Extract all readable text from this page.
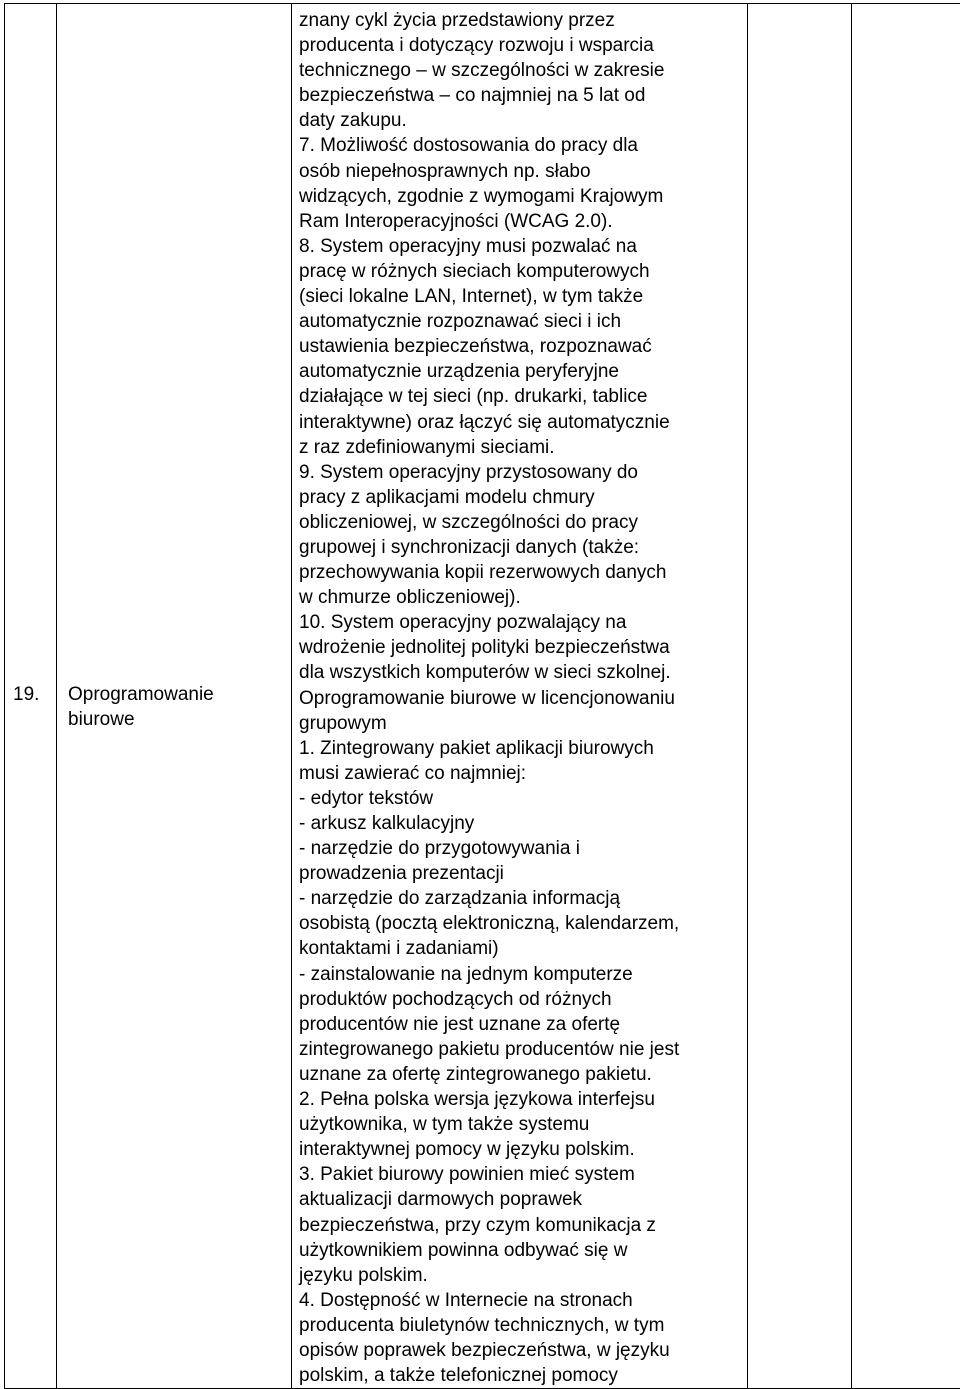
19.	Oprogramowanie
biurowe

znany cykl życia przedstawiony przez
producenta i dotyczący rozwoju i wsparcia
technicznego – w szczególności w zakresie
bezpieczeństwa – co najmniej na 5 lat od
daty zakupu.
7. Możliwość dostosowania do pracy dla
osób niepełnosprawnych np. słabo
widzących, zgodnie z wymogami Krajowym
Ram Interoperacyjności (WCAG 2.0).
8. System operacyjny musi pozwalać na
pracę w różnych sieciach komputerowych
(sieci lokalne LAN, Internet), w tym także
automatycznie rozpoznawać sieci i ich
ustawienia bezpieczeństwa, rozpoznawać
automatycznie urządzenia peryferyjne
działające w tej sieci (np. drukarki, tablice
interaktywne) oraz łączyć się automatycznie
z raz zdefiniowanymi sieciami.
9. System operacyjny przystosowany do
pracy z aplikacjami modelu chmury
obliczeniowej, w szczególności do pracy
grupowej i synchronizacji danych (także:
przechowywania kopii rezerwowych danych
w chmurze obliczeniowej).
10. System operacyjny pozwalający na
wdrożenie jednolitej polityki bezpieczeństwa
dla wszystkich komputerów w sieci szkolnej.
Oprogramowanie biurowe w licencjonowaniu
grupowym
1. Zintegrowany pakiet aplikacji biurowych
musi zawierać co najmniej:
- edytor tekstów
- arkusz kalkulacyjny
- narzędzie do przygotowywania i
prowadzenia prezentacji
- narzędzie do zarządzania informacją
osobistą (pocztą elektroniczną, kalendarzem,
kontaktami i zadaniami)
- zainstalowanie na jednym komputerze
produktów pochodzących od różnych
producentów nie jest uznane za ofertę
zintegrowanego pakietu producentów nie jest
uznane za ofertę zintegrowanego pakietu.
2. Pełna polska wersja językowa interfejsu
użytkownika, w tym także systemu
interaktywnej pomocy w języku polskim.
3. Pakiet biurowy powinien mieć system
aktualizacji darmowych poprawek
bezpieczeństwa, przy czym komunikacja z
użytkownikiem powinna odbywać się w
języku polskim.
4. Dostępność w Internecie na stronach
producenta biuletynów technicznych, w tym
opisów poprawek bezpieczeństwa, w języku
polskim, a także telefonicznej pomocy
